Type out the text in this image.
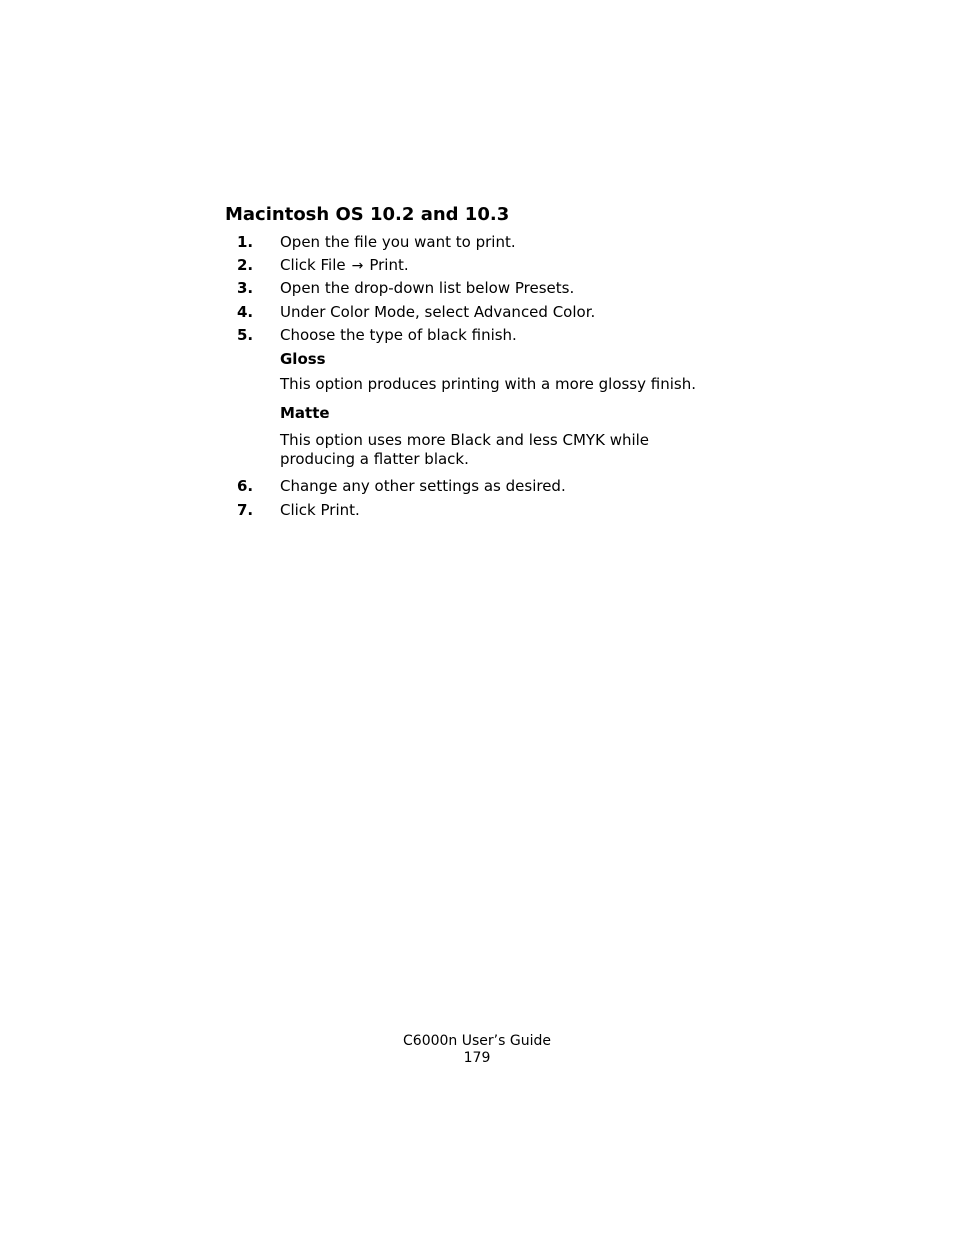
Macintosh OS 10.2 and 10.3
1. Open the file you want to print.
2. Click File → Print.
3. Open the drop-down list below Presets.
4. Under Color Mode, select Advanced Color.
5. Choose the type of black finish.
Gloss
This option produces printing with a more glossy finish.
Matte
This option uses more Black and less CMYK while producing a flatter black.
6. Change any other settings as desired.
7. Click Print.
C6000n User’s Guide
179
